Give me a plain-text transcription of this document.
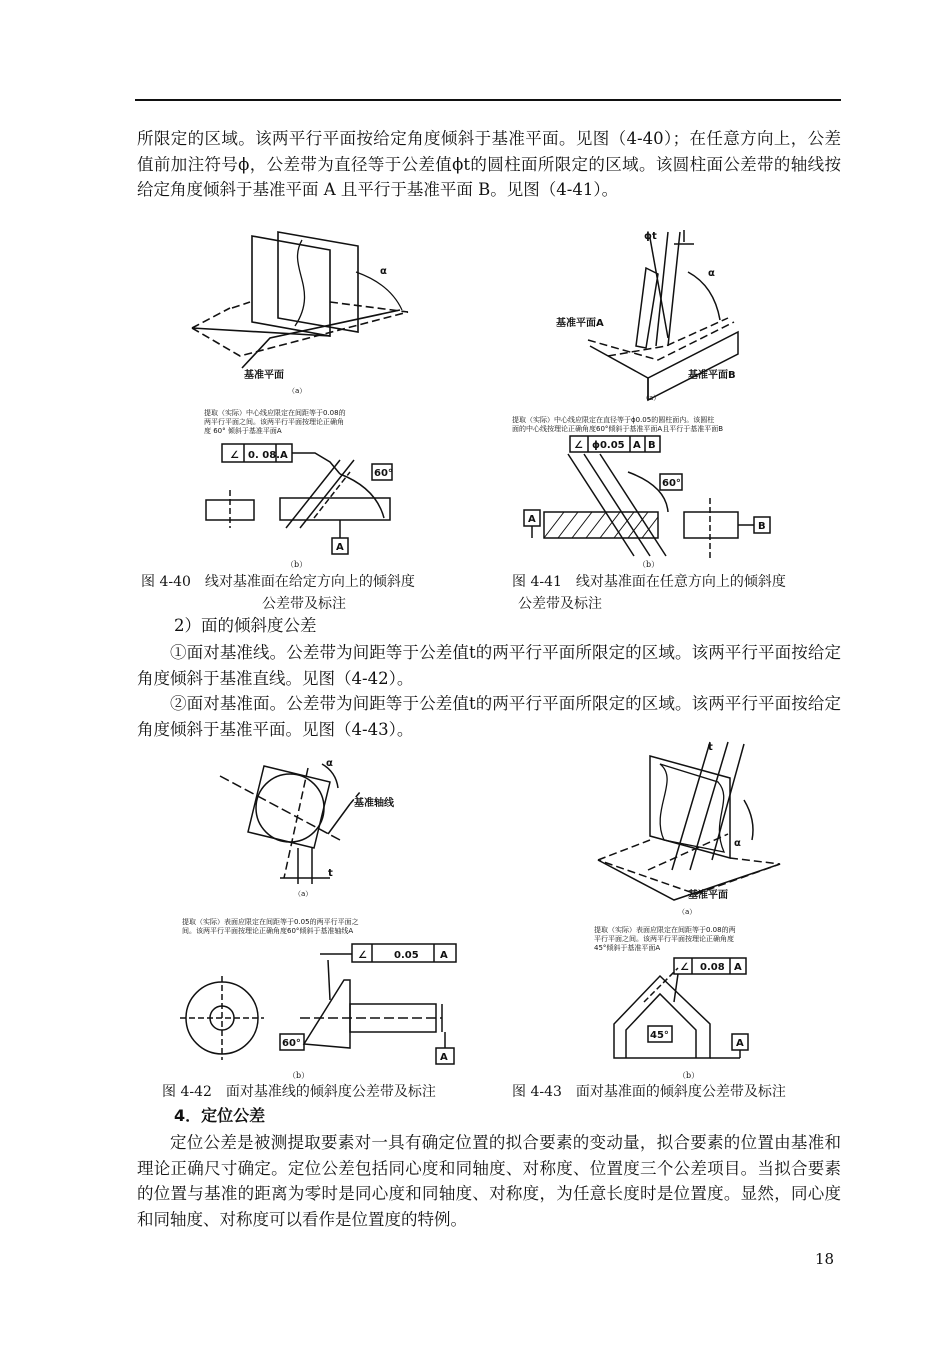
所限定的区域。该两平行平面按给定角度倾斜于基准平面。见图（4-40）；在任意方向上，公差值前加注符号ϕ，公差带为直径等于公差值ϕt的圆柱面所限定的区域。该圆柱面公差带的轴线按给定角度倾斜于基准平面 A 且平行于基准平面 B。见图（4-41）。

α
基准平面
（a）
提取（实际）中心线应限定在间距等于0.08的
两平行平面之间。该两平行平面按理论正确角
度 60° 倾斜于基准平面A
∠ 0. 08. A
60°
A
（b）
图 4-40　线对基准面在给定方向上的倾斜度
公差带及标注
ϕt
α
基准平面A
基准平面B
（a）
提取（实际）中心线应限定在直径等于ϕ0.05的圆柱面内。该圆柱
面的中心线按理论正确角度60°倾斜于基准平面A且平行于基准平面B
∠ ϕ0.05 A B
60°
A
B
（b）
图 4-41　线对基准面在任意方向上的倾斜度
公差带及标注
2）面的倾斜度公差

①面对基准线。公差带为间距等于公差值t的两平行平面所限定的区域。该两平行平面按给定角度倾斜于基准直线。见图（4-42）。

②面对基准面。公差带为间距等于公差值t的两平行平面所限定的区域。该两平行平面按给定角度倾斜于基准平面。见图（4-43）。

α
基准轴线
t
（a）
提取（实际）表面应限定在间距等于0.05的两平行平面之
间。该两平行平面按理论正确角度60°倾斜于基准轴线A
∠	0.05 A
60°
A
（b）
图 4-42　面对基准线的倾斜度公差带及标注
t
α
基准平面
（a）
提取（实际）表面应限定在间距等于0.08的两
平行平面之间。该两平行平面按理论正确角度
45°倾斜于基准平面A
∠ 0.08 A
45°
A
（b）
图 4-43　面对基准面的倾斜度公差带及标注
4．定位公差

定位公差是被测提取要素对一具有确定位置的拟合要素的变动量，拟合要素的位置由基准和理论正确尺寸确定。定位公差包括同心度和同轴度、对称度、位置度三个公差项目。当拟合要素的位置与基准的距离为零时是同心度和同轴度、对称度，为任意长度时是位置度。显然，同心度和同轴度、对称度可以看作是位置度的特例。

18
